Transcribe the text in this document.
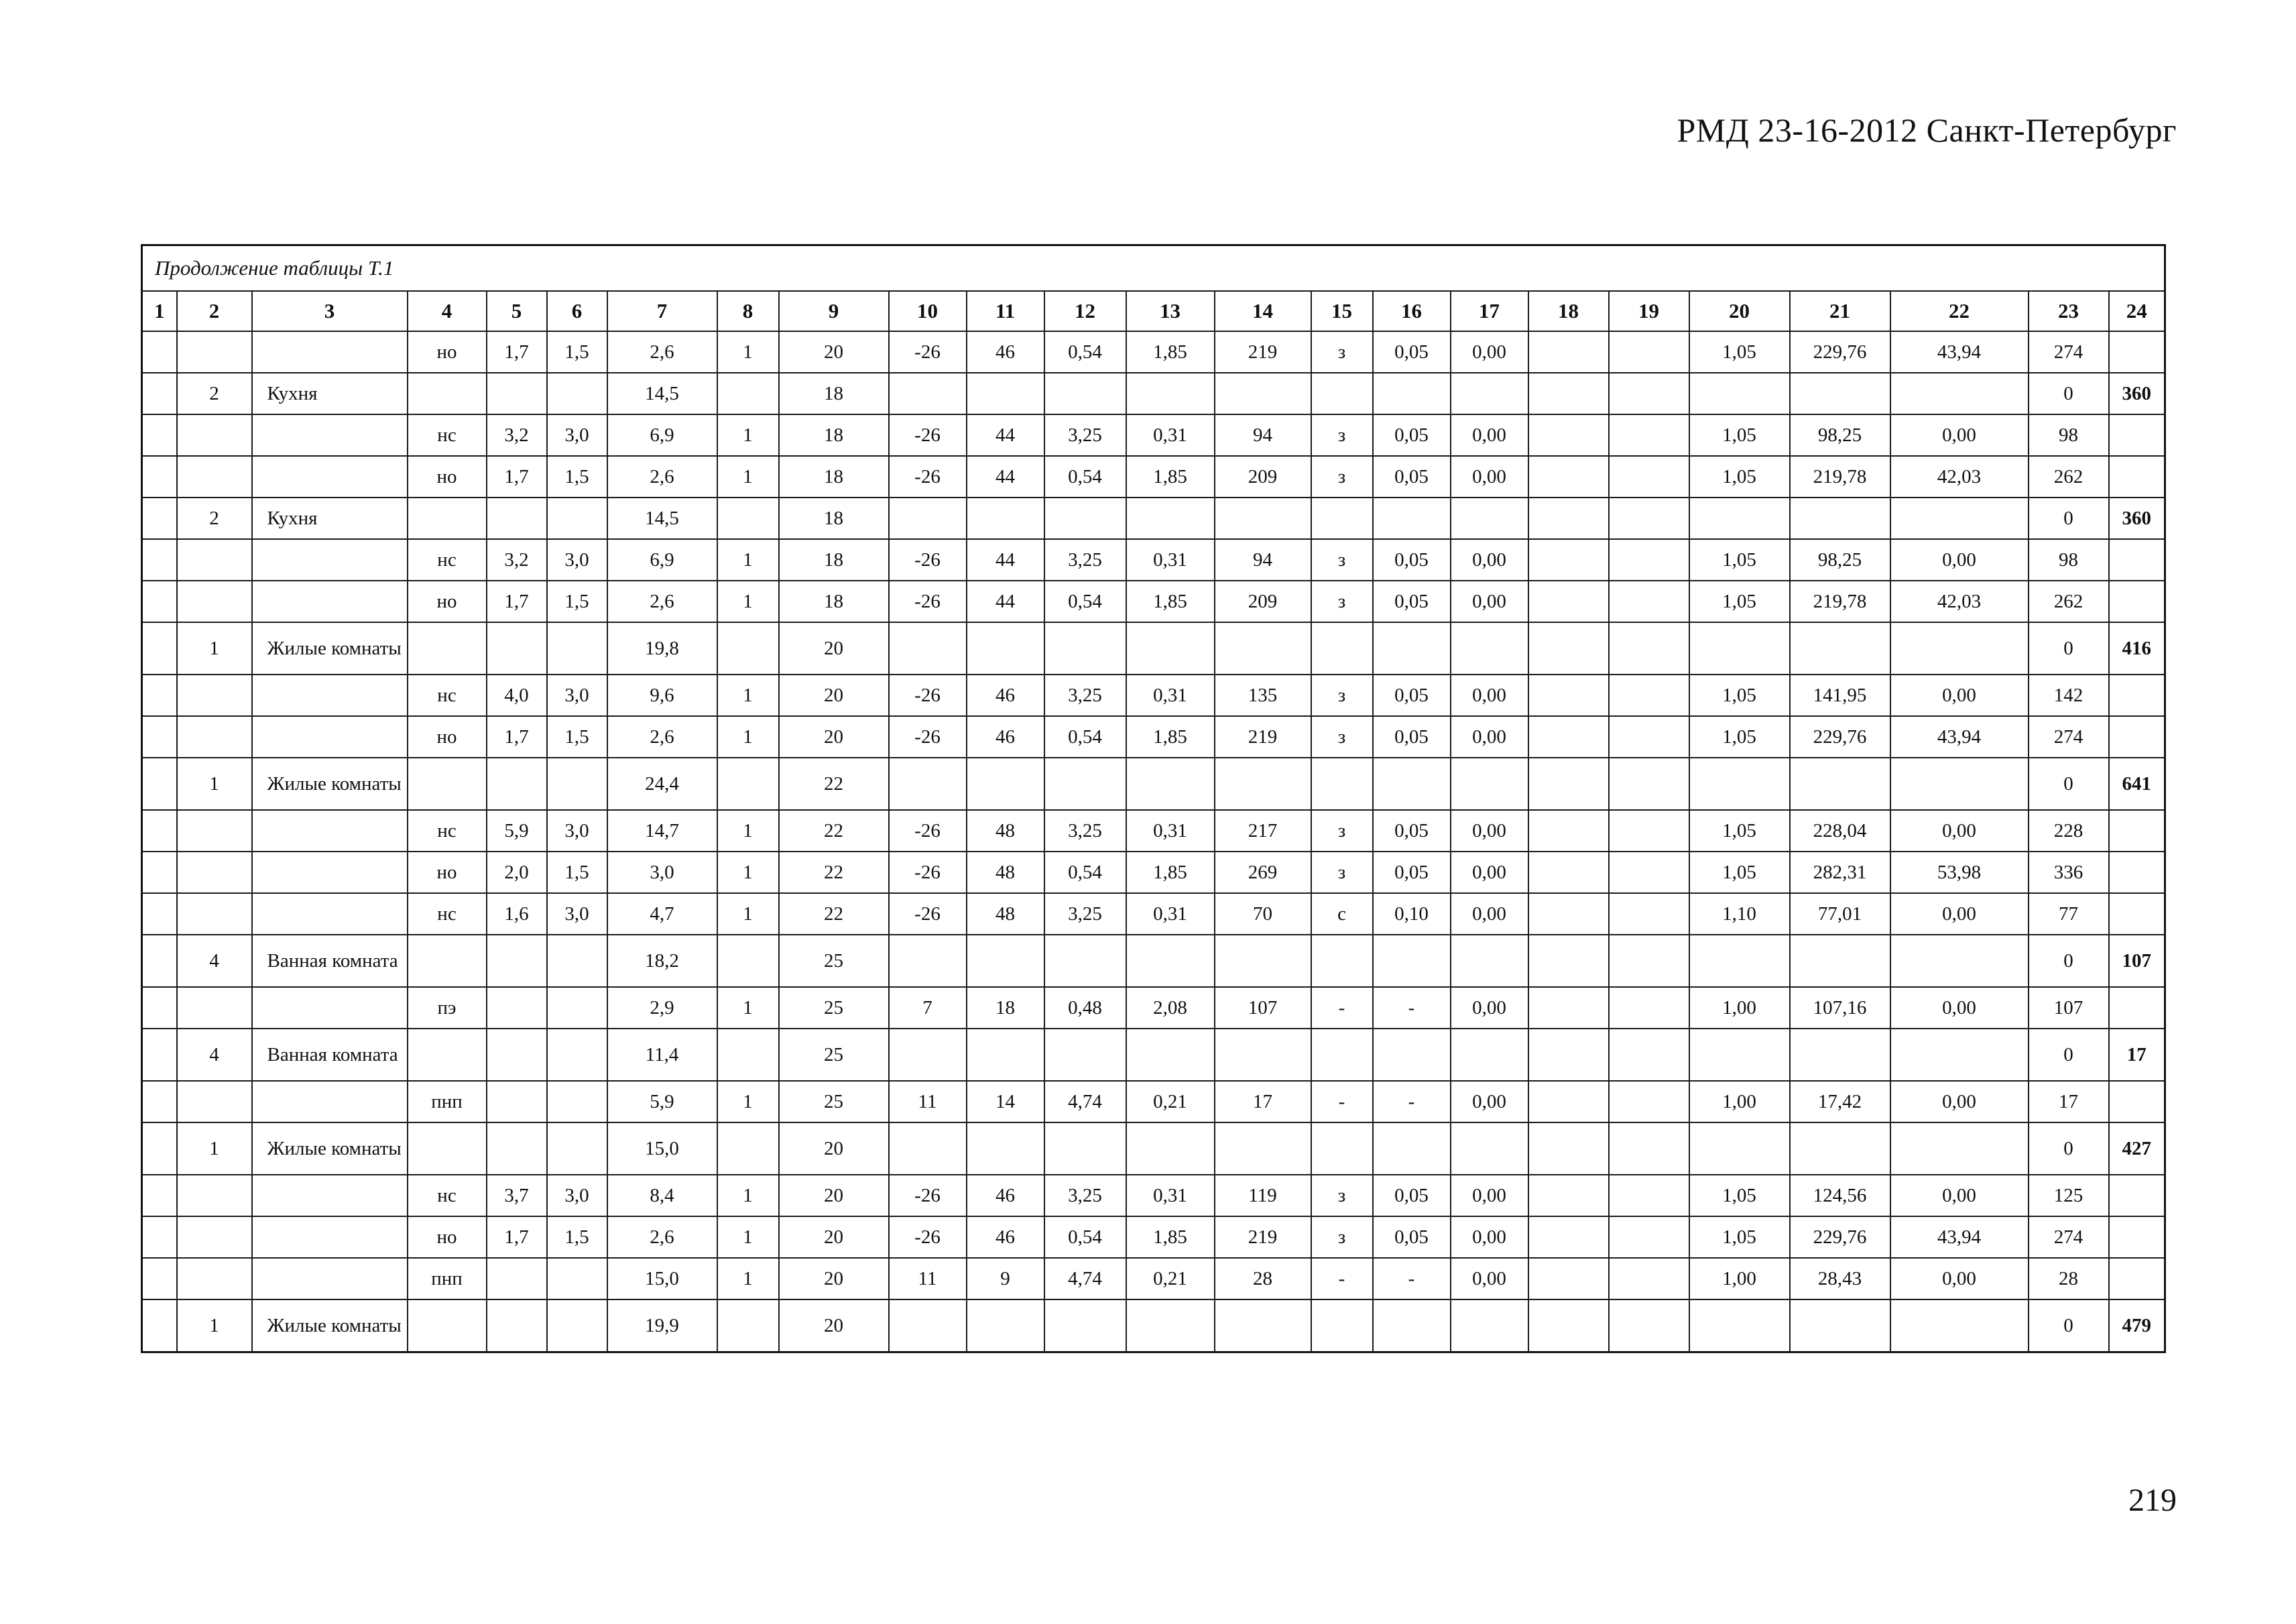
РМД 23-16-2012 Санкт-Петербург
Продолжение таблицы Т.1																							
1	2	3	4	5	6	7	8	9	10	11	12	13	14	15	16	17	18	19	20	21	22	23	24
			но	1,7	1,5	2,6	1	20	-26	46	0,54	1,85	219	з	0,05	0,00			1,05	229,76	43,94	274	
	2	Кухня				14,5		18														0	360
			нс	3,2	3,0	6,9	1	18	-26	44	3,25	0,31	94	з	0,05	0,00			1,05	98,25	0,00	98	
			но	1,7	1,5	2,6	1	18	-26	44	0,54	1,85	209	з	0,05	0,00			1,05	219,78	42,03	262	
	2	Кухня				14,5		18														0	360
			нс	3,2	3,0	6,9	1	18	-26	44	3,25	0,31	94	з	0,05	0,00			1,05	98,25	0,00	98	
			но	1,7	1,5	2,6	1	18	-26	44	0,54	1,85	209	з	0,05	0,00			1,05	219,78	42,03	262	
	1	Жилые комнаты				19,8		20														0	416
			нс	4,0	3,0	9,6	1	20	-26	46	3,25	0,31	135	з	0,05	0,00			1,05	141,95	0,00	142	
			но	1,7	1,5	2,6	1	20	-26	46	0,54	1,85	219	з	0,05	0,00			1,05	229,76	43,94	274	
	1	Жилые комнаты				24,4		22														0	641
			нс	5,9	3,0	14,7	1	22	-26	48	3,25	0,31	217	з	0,05	0,00			1,05	228,04	0,00	228	
			но	2,0	1,5	3,0	1	22	-26	48	0,54	1,85	269	з	0,05	0,00			1,05	282,31	53,98	336	
			нс	1,6	3,0	4,7	1	22	-26	48	3,25	0,31	70	с	0,10	0,00			1,10	77,01	0,00	77	
	4	Ванная комната				18,2		25														0	107
			пэ			2,9	1	25	7	18	0,48	2,08	107	-	-	0,00			1,00	107,16	0,00	107	
	4	Ванная комната				11,4		25														0	17
			пнп			5,9	1	25	11	14	4,74	0,21	17	-	-	0,00			1,00	17,42	0,00	17	
	1	Жилые комнаты				15,0		20														0	427
			нс	3,7	3,0	8,4	1	20	-26	46	3,25	0,31	119	з	0,05	0,00			1,05	124,56	0,00	125	
			но	1,7	1,5	2,6	1	20	-26	46	0,54	1,85	219	з	0,05	0,00			1,05	229,76	43,94	274	
			пнп			15,0	1	20	11	9	4,74	0,21	28	-	-	0,00			1,00	28,43	0,00	28	
	1	Жилые комнаты				19,9		20														0	479
219
